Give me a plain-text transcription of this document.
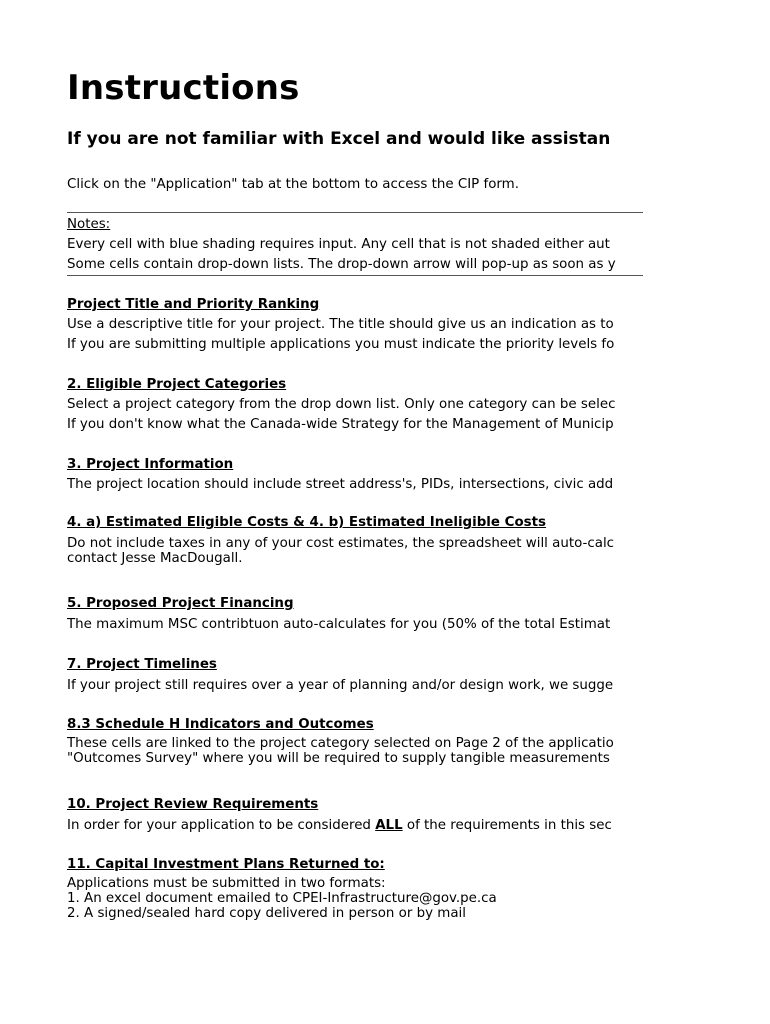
Instructions
If you are not familiar with Excel and would like assistan
Click on the "Application" tab at the bottom to access the CIP form.
Notes:
Every cell with blue shading requires input. Any cell that is not shaded either aut
Some cells contain drop-down lists. The drop-down arrow will pop-up as soon as y
Project Title and Priority Ranking
Use a descriptive title for your project. The title should give us an indication as to
If you are submitting multiple applications you must indicate the priority levels fo
2. Eligible Project Categories
Select a project category from the drop down list. Only one category can be selec
If you don't know what the Canada-wide Strategy for the Management of Municip
3. Project Information
The project location should include street address's, PIDs, intersections, civic add
4. a) Estimated Eligible Costs & 4. b) Estimated Ineligible Costs
Do not include taxes in any of your cost estimates, the spreadsheet will auto-calc
contact Jesse MacDougall.
5. Proposed Project Financing
The maximum MSC contribtuon auto-calculates for you (50% of the total Estimat
7. Project Timelines
If your project still requires over a year of planning and/or design work, we sugge
8.3 Schedule H Indicators and Outcomes
These cells are linked to the project category selected on Page 2 of the applicatio
"Outcomes Survey" where you will be required to supply tangible measurements
10. Project Review Requirements
In order for your application to be considered ALL of the requirements in this sec
11. Capital Investment Plans Returned to:
Applications must be submitted in two formats:
1. An excel document emailed to CPEI-Infrastructure@gov.pe.ca
2. A signed/sealed hard copy delivered in person or by mail
